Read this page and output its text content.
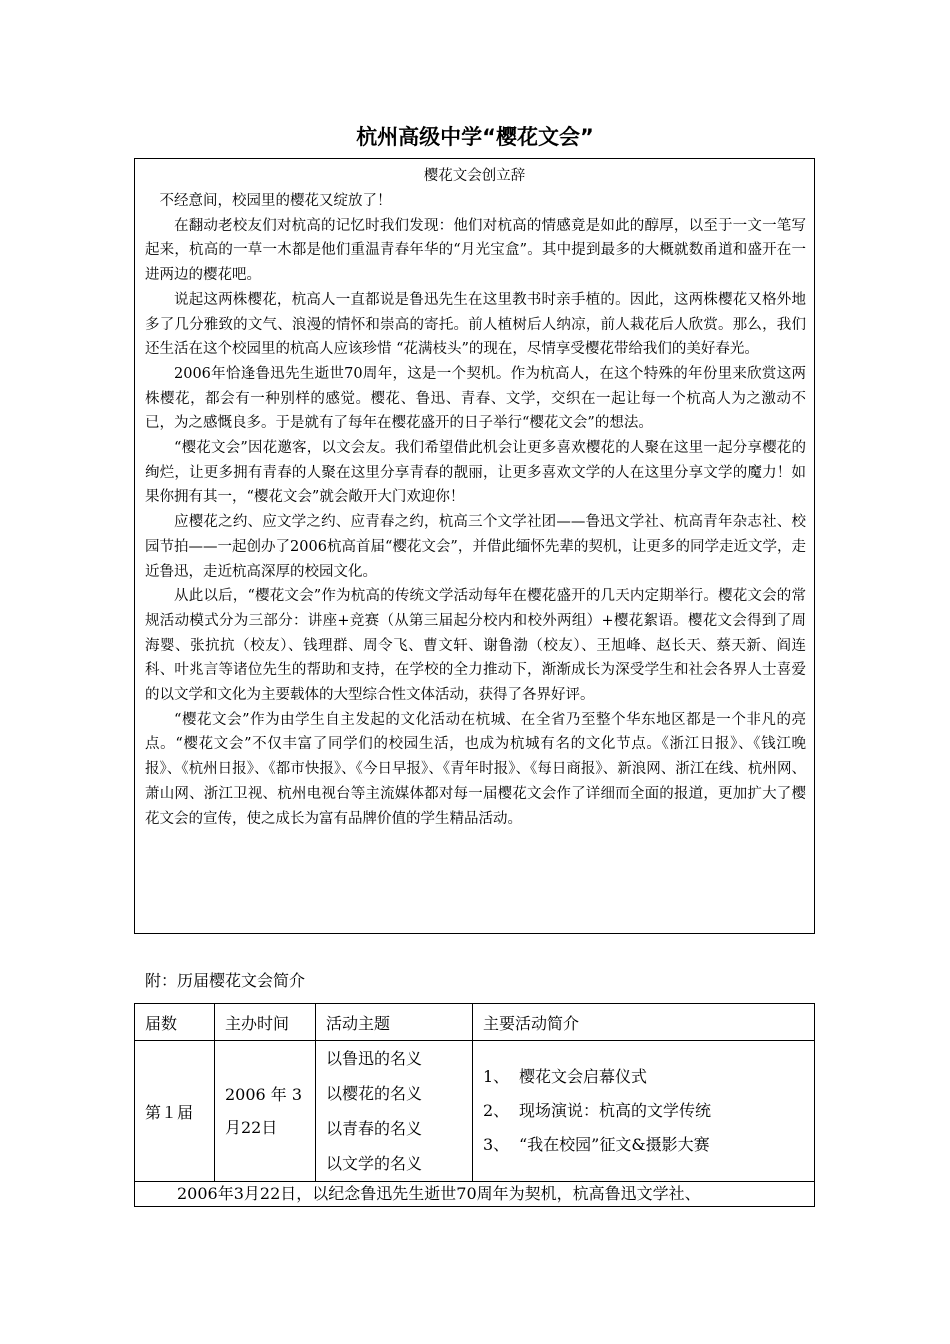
杭州高级中学“樱花文会”
樱花文会创立辞

不经意间，校园里的樱花又绽放了！

在翻动老校友们对杭高的记忆时我们发现：他们对杭高的情感竟是如此的醇厚，以至于一文一笔写起来，杭高的一草一木都是他们重温青春年华的“月光宝盒”。其中提到最多的大概就数甬道和盛开在一进两边的樱花吧。

说起这两株樱花，杭高人一直都说是鲁迅先生在这里教书时亲手植的。因此，这两株樱花又格外地多了几分雅致的文气、浪漫的情怀和崇高的寄托。前人植树后人纳凉，前人栽花后人欣赏。那么，我们还生活在这个校园里的杭高人应该珍惜 “花满枝头”的现在，尽情享受樱花带给我们的美好春光。

2006年恰逢鲁迅先生逝世70周年，这是一个契机。作为杭高人，在这个特殊的年份里来欣赏这两株樱花，都会有一种别样的感觉。樱花、鲁迅、青春、文学，交织在一起让每一个杭高人为之激动不已，为之感慨良多。于是就有了每年在樱花盛开的日子举行“樱花文会”的想法。

“樱花文会”因花邀客，以文会友。我们希望借此机会让更多喜欢樱花的人聚在这里一起分享樱花的绚烂，让更多拥有青春的人聚在这里分享青春的靓丽，让更多喜欢文学的人在这里分享文学的魔力！如果你拥有其一，“樱花文会”就会敞开大门欢迎你！

应樱花之约、应文学之约、应青春之约，杭高三个文学社团——鲁迅文学社、杭高青年杂志社、校园节拍——一起创办了2006杭高首届“樱花文会”，并借此缅怀先辈的契机，让更多的同学走近文学，走近鲁迅，走近杭高深厚的校园文化。

从此以后，“樱花文会”作为杭高的传统文学活动每年在樱花盛开的几天内定期举行。樱花文会的常规活动模式分为三部分：讲座+竞赛（从第三届起分校内和校外两组）+樱花絮语。樱花文会得到了周海婴、张抗抗（校友）、钱理群、周令飞、曹文轩、谢鲁渤（校友）、王旭峰、赵长天、蔡天新、阎连科、叶兆言等诸位先生的帮助和支持，在学校的全力推动下，渐渐成长为深受学生和社会各界人士喜爱的以文学和文化为主要载体的大型综合性文体活动，获得了各界好评。

“樱花文会”作为由学生自主发起的文化活动在杭城、在全省乃至整个华东地区都是一个非凡的亮点。“樱花文会”不仅丰富了同学们的校园生活，也成为杭城有名的文化节点。《浙江日报》、《钱江晚报》、《杭州日报》、《都市快报》、《今日早报》、《青年时报》、《每日商报》、新浪网、浙江在线、杭州网、萧山网、浙江卫视、杭州电视台等主流媒体都对每一届樱花文会作了详细而全面的报道，更加扩大了樱花文会的宣传，使之成长为富有品牌价值的学生精品活动。

附：历届樱花文会简介
届数	主办时间	活动主题	主要活动简介
第１届	2006 年 3 月22日	以鲁迅的名义
以樱花的名义
以青春的名义
以文学的名义	1、 樱花文会启幕仪式
2、 现场演说：杭高的文学传统
3、 “我在校园”征文&摄影大赛

2006年3月22日，以纪念鲁迅先生逝世70周年为契机，杭高鲁迅文学社、			
